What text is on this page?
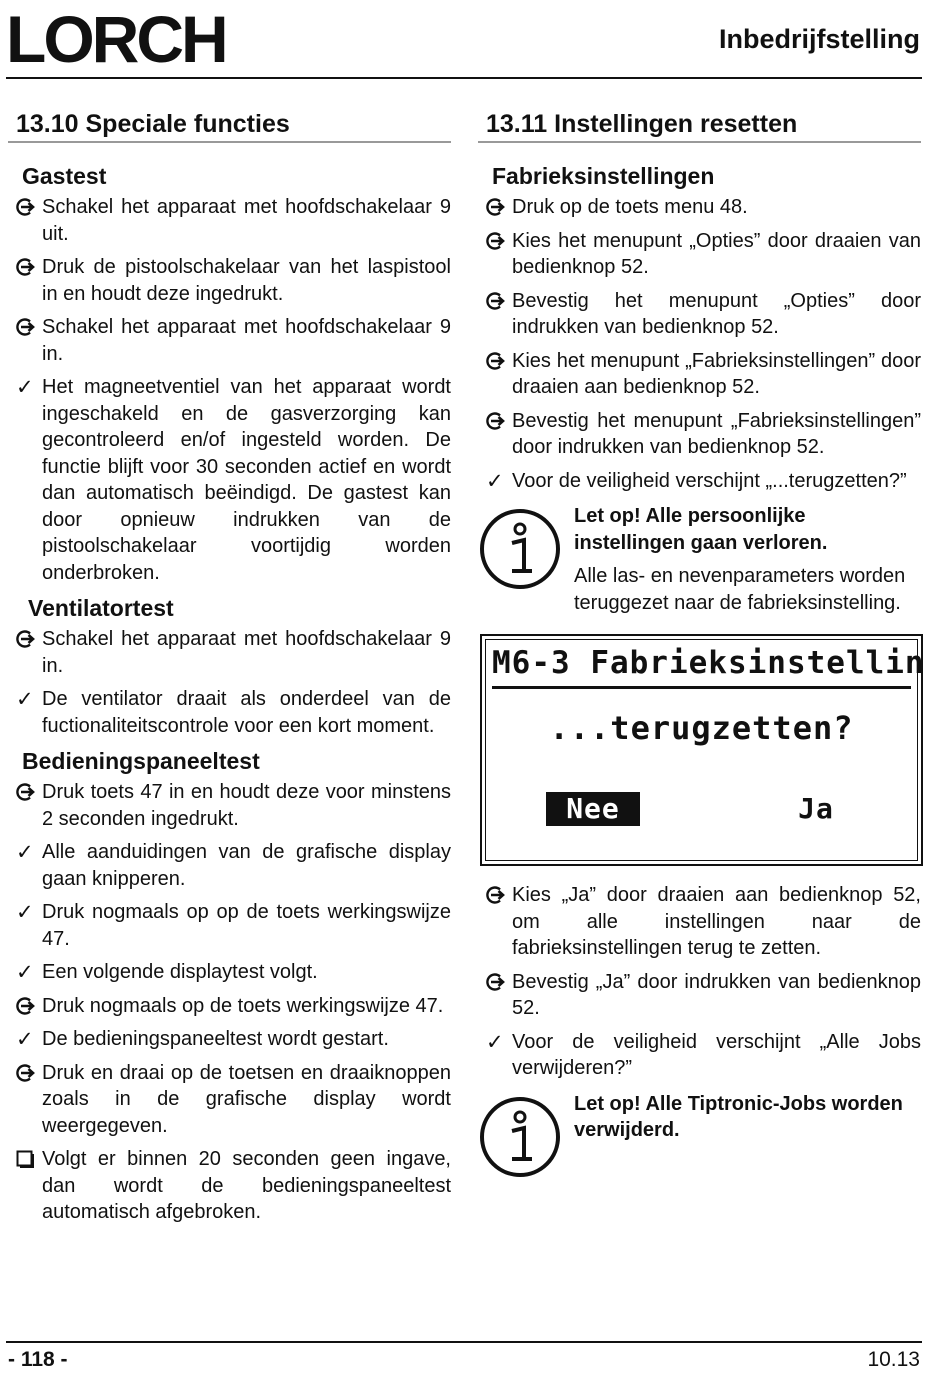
LORCH	Inbedrijfstelling
13.10 Speciale functies
Gastest
Schakel het apparaat met hoofdschakelaar 9 uit.
Druk de pistoolschakelaar van het laspistool in en houdt deze ingedrukt.
Schakel het apparaat met hoofdschakelaar 9 in.
✓ Het magneetventiel van het apparaat wordt ingeschakeld en de gasverzorging kan gecontroleerd en/of ingesteld worden. De functie blijft voor 30 seconden actief en wordt dan automatisch beëindigd. De gastest kan door opnieuw indrukken van de pistoolschakelaar voortijdig worden onderbroken.
Ventilatortest
Schakel het apparaat met hoofdschakelaar 9 in.
✓ De ventilator draait als onderdeel van de fuctionaliteitscontrole voor een kort moment.
Bedieningspaneeltest
Druk toets 47 in en houdt deze voor minstens 2 seconden ingedrukt.
✓ Alle aanduidingen van de grafische display gaan knipperen.
✓ Druk nogmaals op op de toets werkingswijze 47.
✓ Een volgende displaytest volgt.
Druk nogmaals op de toets werkingswijze 47.
✓ De bedieningspaneeltest wordt gestart.
Druk en draai op de toetsen en draaiknoppen zoals in de grafische display wordt weergegeven.
Volgt er binnen 20 seconden geen ingave, dan wordt de bedieningspaneeltest automatisch afgebroken.
13.11 Instellingen resetten
Fabrieksinstellingen
Druk op de toets menu 48.
Kies het menupunt „Opties” door draaien van bedienknop 52.
Bevestig het menupunt „Opties” door indrukken van bedienknop 52.
Kies het menupunt „Fabrieksinstellingen” door draaien aan bedienknop 52.
Bevestig het menupunt „Fabrieksinstellingen” door indrukken van bedienknop 52.
✓ Voor de veiligheid verschijnt „...terugzetten?”
Let op! Alle persoonlijke instellingen gaan verloren.
Alle las- en nevenparameters worden teruggezet naar de fabrieksinstelling.
M6-3 Fabrieksinstellin
...terugzetten?
Nee	Ja
Kies „Ja” door draaien aan bedienknop 52, om alle instellingen naar de fabrieksinstellingen terug te zetten.
Bevestig „Ja” door indrukken van bedienknop 52.
✓ Voor de veiligheid verschijnt „Alle Jobs verwijderen?”
Let op! Alle Tiptronic-Jobs worden verwijderd.
- 118 -	10.13
